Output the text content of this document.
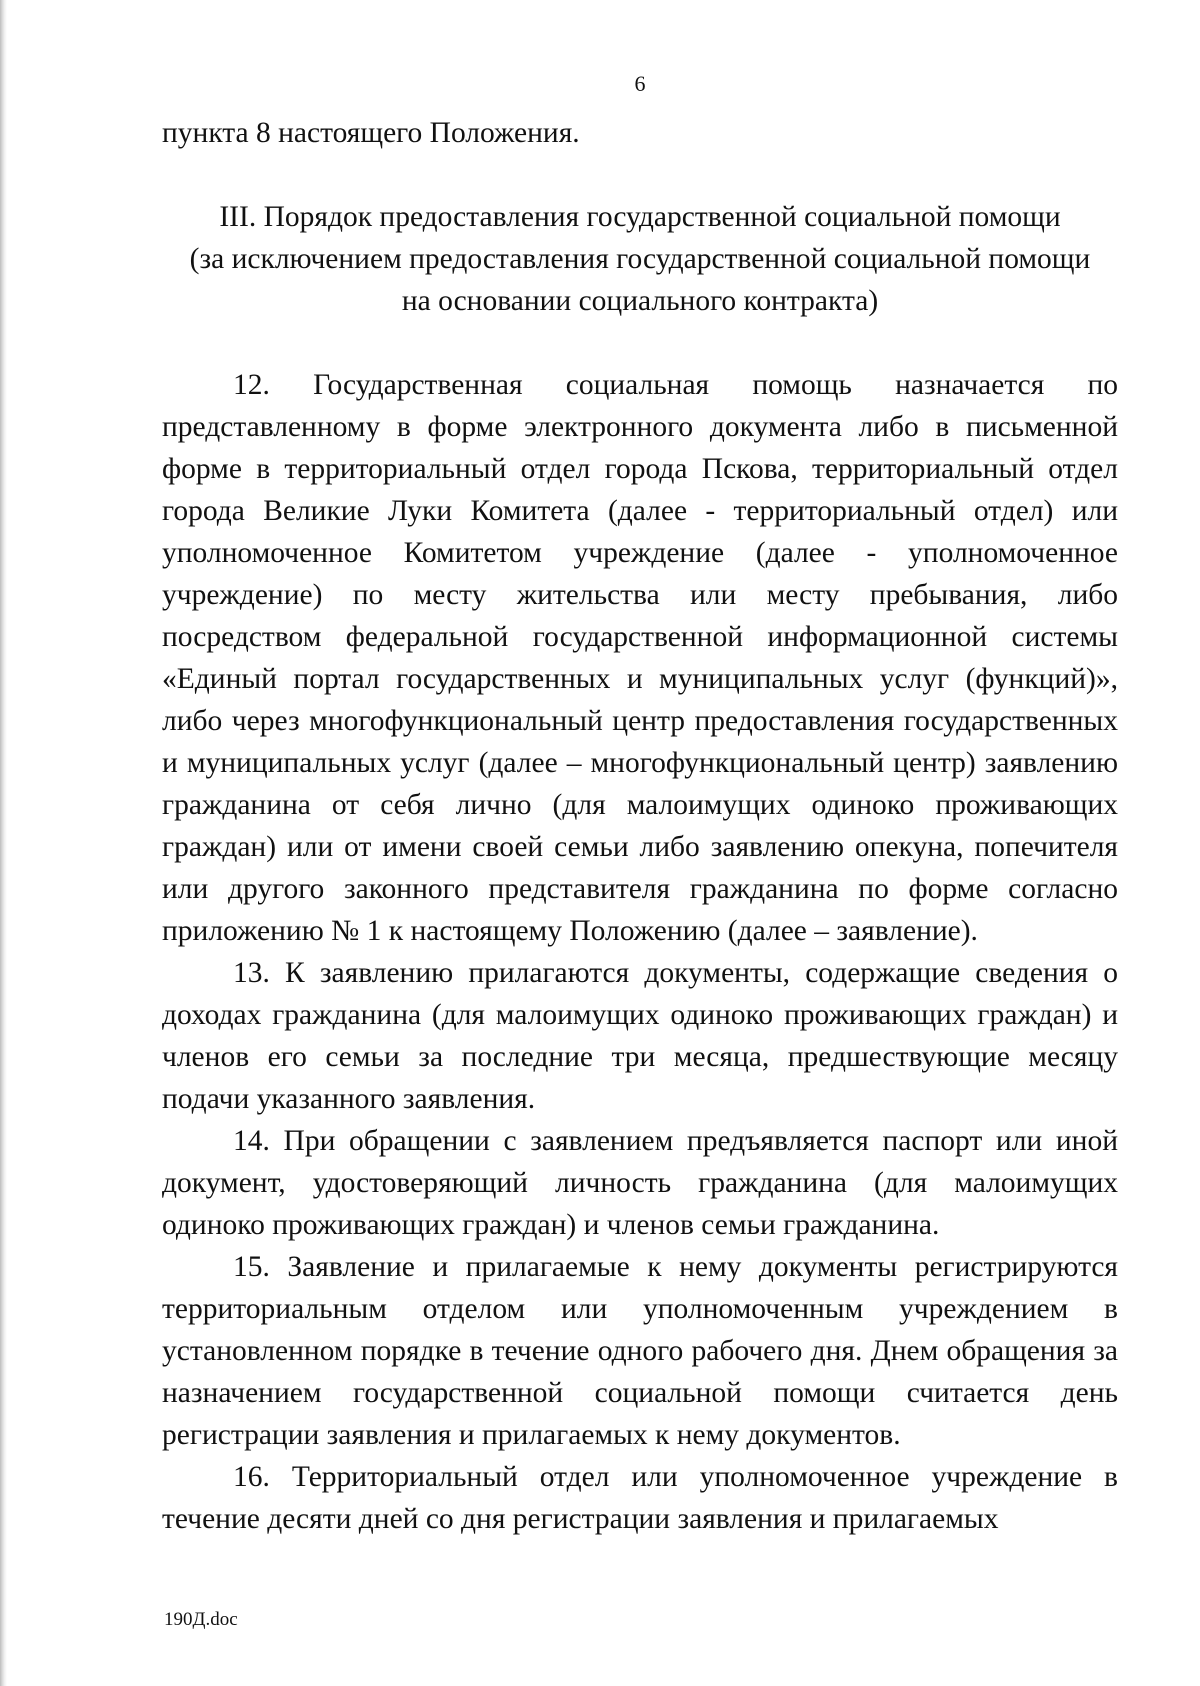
6

пункта 8 настоящего Положения.

III. Порядок предоставления государственной социальной помощи
(за исключением предоставления государственной социальной помощи
на основании социального контракта)

12. Государственная социальная помощь назначается по представленному в форме электронного документа либо в письменной форме в территориальный отдел города Пскова, территориальный отдел города Великие Луки Комитета (далее - территориальный отдел) или уполномоченное Комитетом учреждение (далее - уполномоченное учреждение) по месту жительства или месту пребывания, либо посредством федеральной государственной информационной системы «Единый портал государственных и муниципальных услуг (функций)», либо через многофункциональный центр предоставления государственных и муниципальных услуг (далее – многофункциональный центр) заявлению гражданина от себя лично (для малоимущих одиноко проживающих граждан) или от имени своей семьи либо заявлению опекуна, попечителя или другого законного представителя гражданина по форме согласно приложению № 1 к настоящему Положению (далее – заявление).

13. К заявлению прилагаются документы, содержащие сведения о доходах гражданина (для малоимущих одиноко проживающих граждан) и членов его семьи за последние три месяца, предшествующие месяцу подачи указанного заявления.

14. При обращении с заявлением предъявляется паспорт или иной документ, удостоверяющий личность гражданина (для малоимущих одиноко проживающих граждан) и членов семьи гражданина.

15. Заявление и прилагаемые к нему документы регистрируются территориальным отделом или уполномоченным учреждением в установленном порядке в течение одного рабочего дня. Днем обращения за назначением государственной социальной помощи считается день регистрации заявления и прилагаемых к нему документов.

16. Территориальный отдел или уполномоченное учреждение в течение десяти дней со дня регистрации заявления и прилагаемых

190Д.doc
